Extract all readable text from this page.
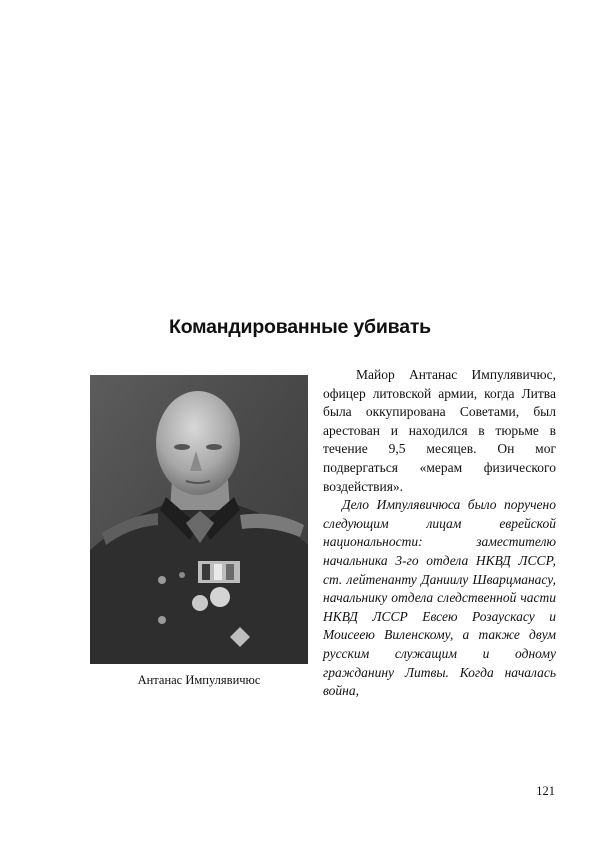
Командированные убивать
Антанас Импулявичюс

Майор Антанас Импулявичюс, офицер литовской армии, когда Литва была оккупирована Советами, был арестован и находился в тюрьме в течение 9,5 месяцев. Он мог подвергаться «мерам физического воздействия».

Дело Импулявичюса было поручено следующим лицам еврейской национальности: заместителю начальника 3-го отдела НКВД ЛССР, ст. лейтенанту Даниилу Шварцманасу, начальнику отдела следственной части НКВД ЛССР Евсею Розаускасу и Моисеею Виленскому, а также двум русским служащим и одному гражданину Литвы. Когда началась война,

121
